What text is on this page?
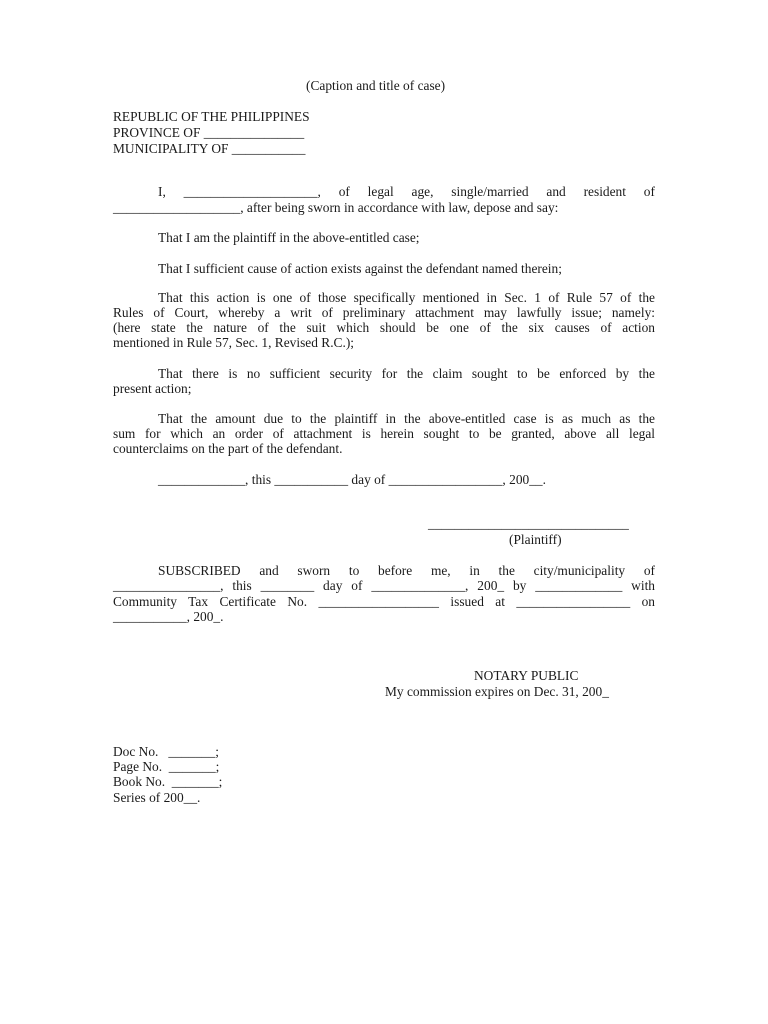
(Caption and title of case)
REPUBLIC OF THE PHILIPPINES
PROVINCE OF _______________
MUNICIPALITY OF ___________
I, ____________________, of legal age, single/married and resident of
___________________, after being sworn in accordance with law, depose and say:
That I am the plaintiff in the above-entitled case;
That I sufficient cause of action exists against the defendant named therein;
That this action is one of those specifically mentioned in Sec. 1 of Rule 57 of the
Rules of Court, whereby a writ of preliminary attachment may lawfully issue; namely:
(here state the nature of the suit which should be one of the six causes of action
mentioned in Rule 57, Sec. 1, Revised R.C.);
That there is no sufficient security for the claim sought to be enforced by the
present action;
That the amount due to the plaintiff in the above-entitled case is as much as the
sum for which an order of attachment is herein sought to be granted, above all legal
counterclaims on the part of the defendant.
_____________, this ___________ day of _________________, 200__.
______________________________
(Plaintiff)
SUBSCRIBED and sworn to before me, in the city/municipality of
________________, this ________ day of ______________, 200_ by _____________ with
Community Tax Certificate No. __________________ issued at _________________ on
___________, 200_.
NOTARY PUBLIC
My commission expires on Dec. 31, 200_
Doc No.   _______;
Page No.  _______;
Book No.  _______;
Series of 200__.
